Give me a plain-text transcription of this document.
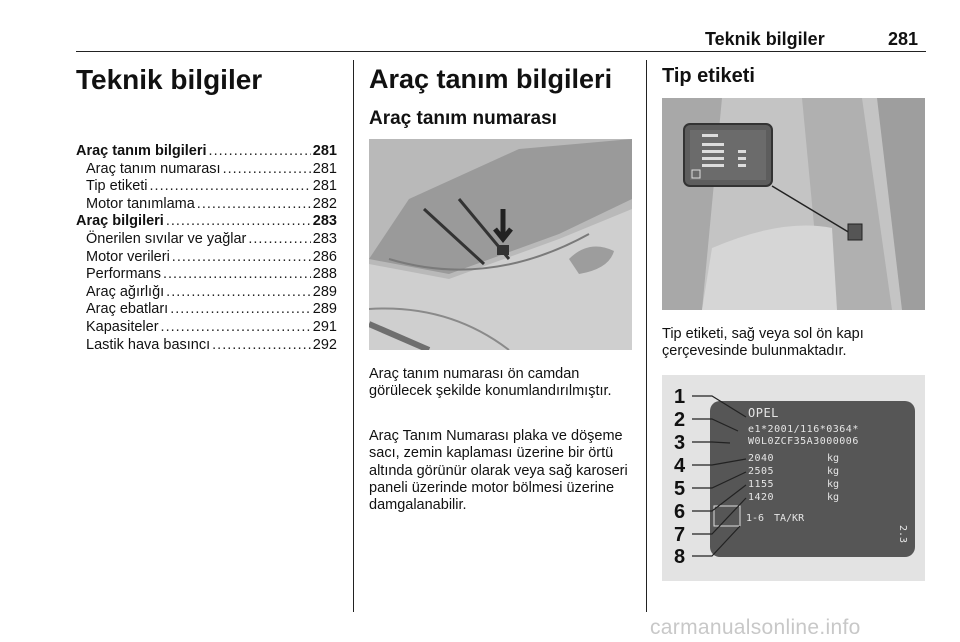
Teknik bilgiler	281
Teknik bilgiler
Araç tanım bilgileri .....	281
Araç tanım numarası .....	281
Tip etiketi .....	281
Motor tanımlama .....	282
Araç bilgileri .....	283
Önerilen sıvılar ve yağlar .....	283
Motor verileri .....	286
Performans .....	288
Araç ağırlığı .....	289
Araç ebatları .....	289
Kapasiteler .....	291
Lastik hava basıncı .....	292
Araç tanım bilgileri
Araç tanım numarası
Araç tanım numarası ön camdan görülecek şekilde konumlandırılmıştır.
Araç Tanım Numarası plaka ve döşeme sacı, zemin kaplaması üzerine bir örtü altında görünür olarak veya sağ karoseri paneli üzerinde motor bölmesi üzerine damgalanabilir.
Tip etiketi
Tip etiketi, sağ veya sol ön kapı çerçevesinde bulunmaktadır.
1
2
3
4
5
6
7
8
OPEL
e1*2001/116*0364*
W0L0ZCF35A3000006
2040
2505
1155
1420
kg
kg
kg
kg
1-6 TA/KR
2.3
carmanualsonline.info
